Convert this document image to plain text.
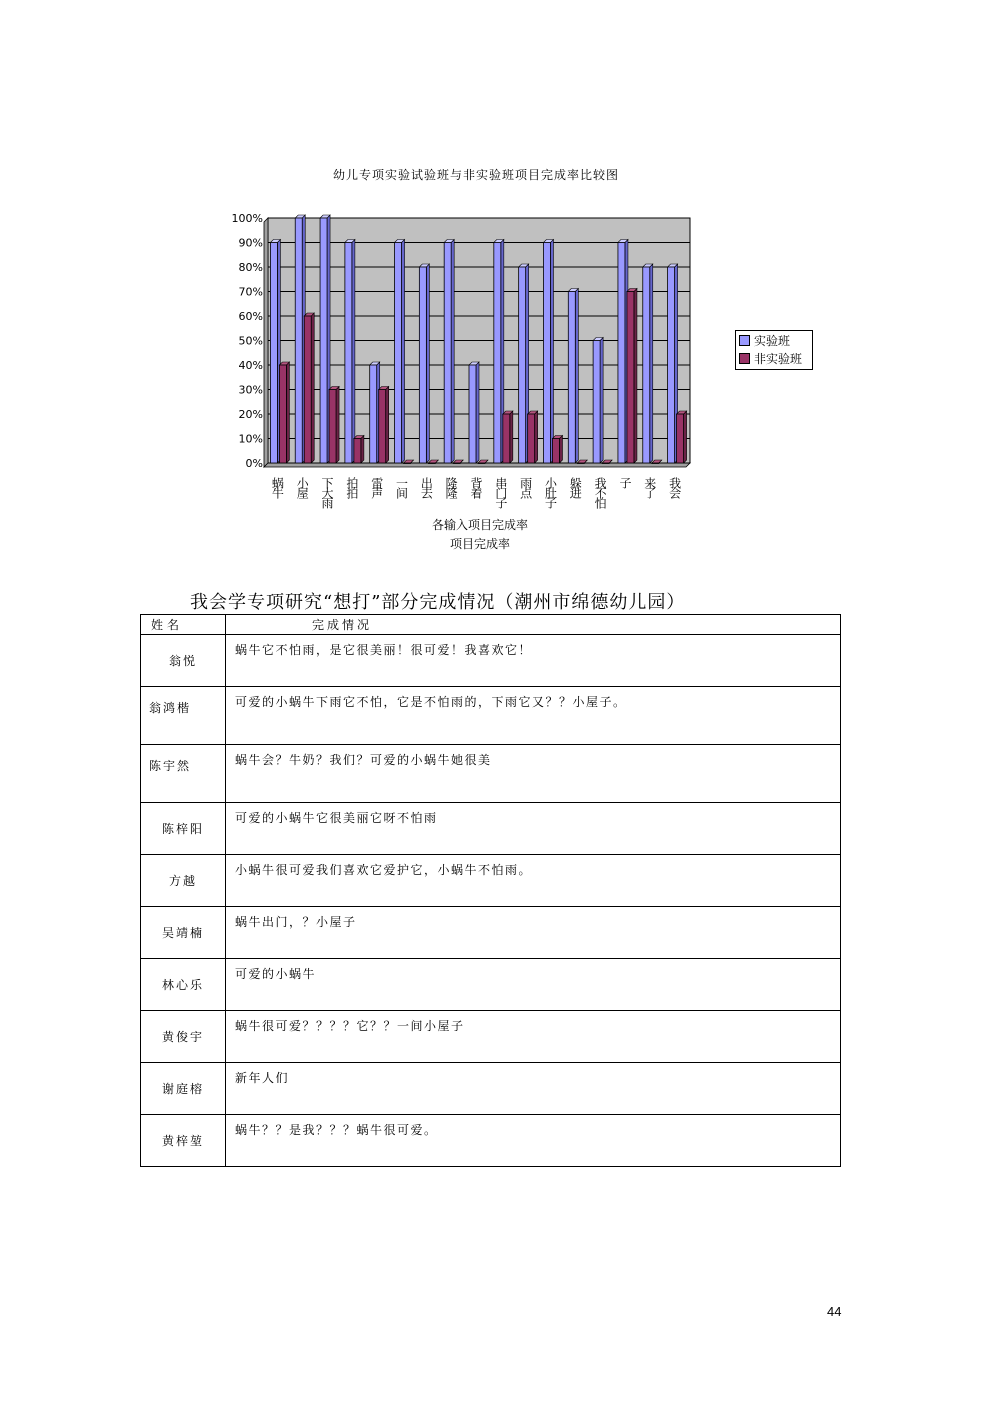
幼儿专项实验试验班与非实验班项目完成率比较图
0%
10%
20%
30%
40%
50%
60%
70%
80%
90%
100%
蜗牛 小屋 下大雨 拍拍 雷声 一间 出去 隆隆 背着 串门子 雨点 小肚子 躲进 我不怕 子 来了 我会
实验班
非实验班
各输入项目完成率
项目完成率
我会学专项研究“想打”部分完成情况（潮州市绵德幼儿园）
姓名	完成情况
翁悦	蜗牛它不怕雨，是它很美丽！很可爱！我喜欢它！
翁鸿楷	可爱的小蜗牛下雨它不怕，它是不怕雨的，下雨它又？？小屋子。
陈宇然	蜗牛会？牛奶？我们？可爱的小蜗牛她很美
陈梓阳	可爱的小蜗牛它很美丽它呀不怕雨
方越	小蜗牛很可爱我们喜欢它爱护它，小蜗牛不怕雨。
吴靖楠	蜗牛出门，？小屋子
林心乐	可爱的小蜗牛
黄俊宇	蜗牛很可爱？？？？它？？一间小屋子
谢庭榕	新年人们
黄梓堃	蜗牛？？是我？？？蜗牛很可爱。
44
